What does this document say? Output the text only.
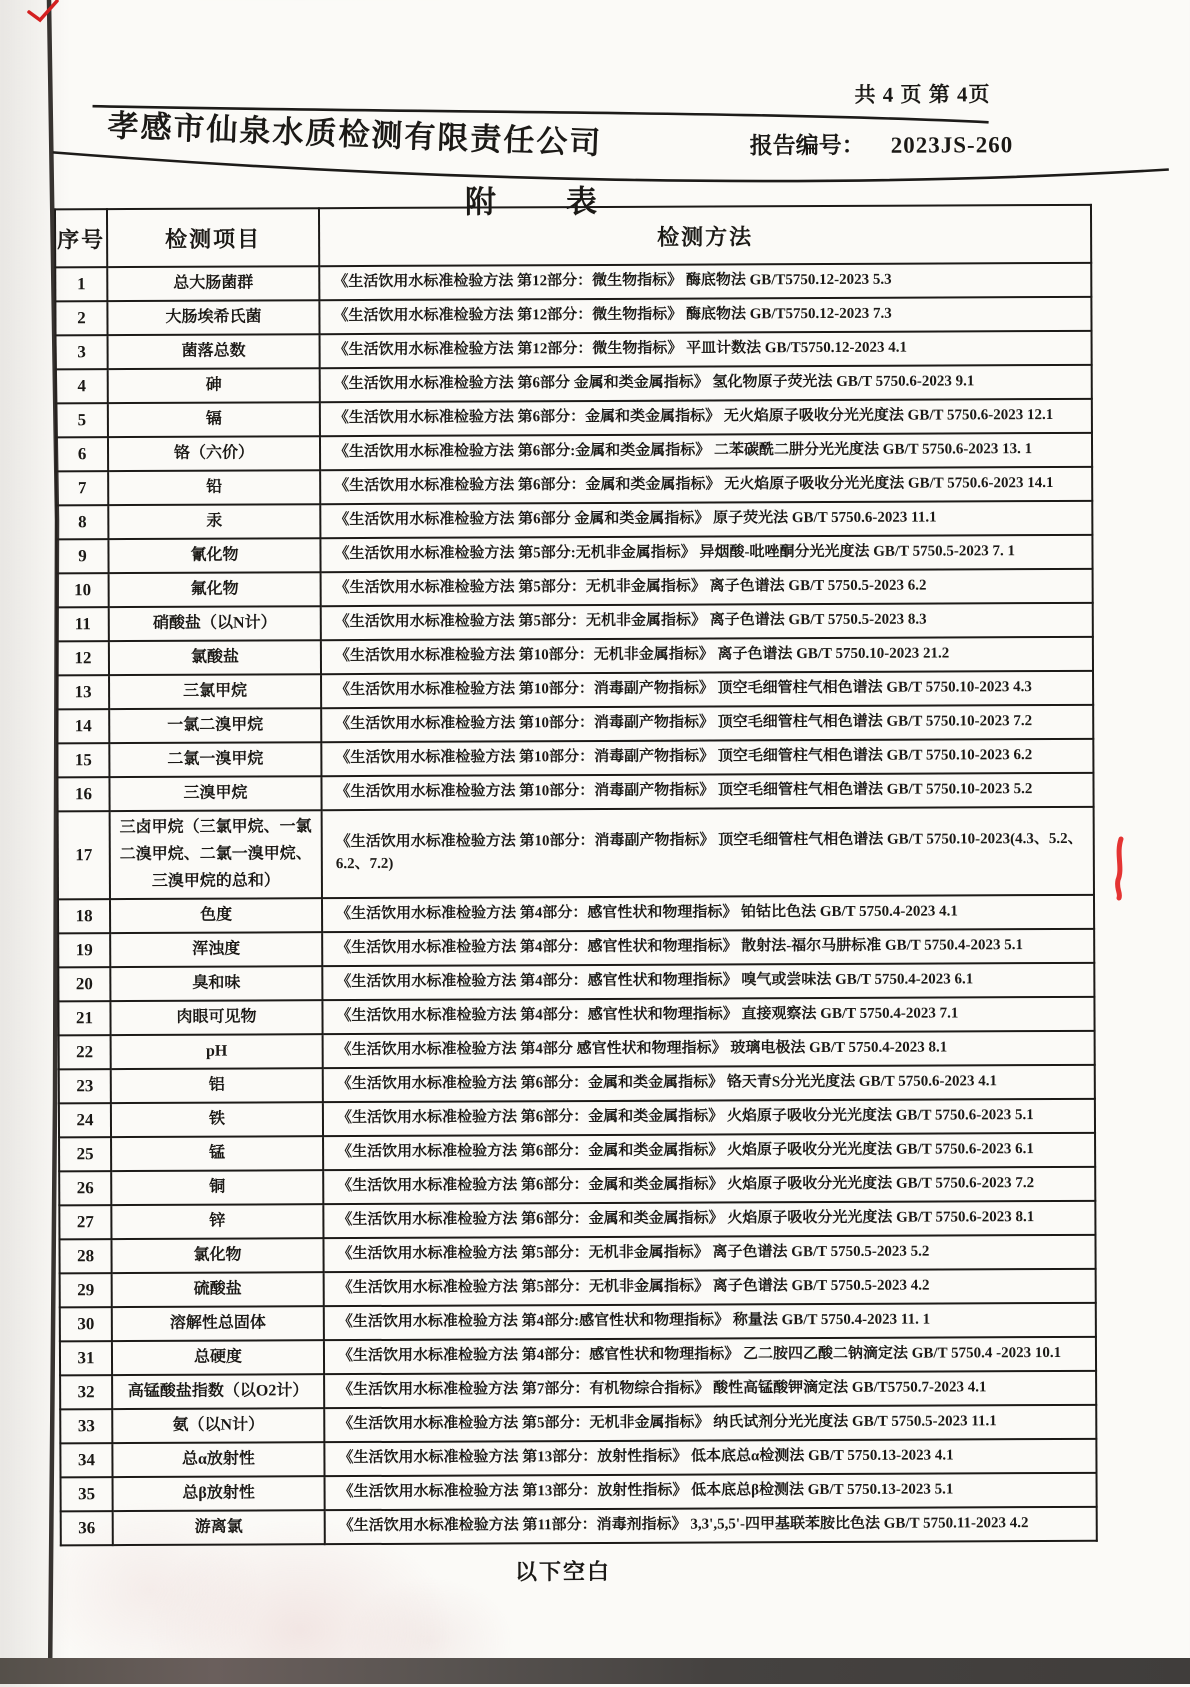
共 4 页 第 4页
孝感市仙泉水质检测有限责任公司	报告编号： 2023JS-260
附 表
序号	检测项目	检测方法
1	总大肠菌群	《生活饮用水标准检验方法 第12部分：微生物指标》 酶底物法 GB/T5750.12-2023 5.3
2	大肠埃希氏菌	《生活饮用水标准检验方法 第12部分：微生物指标》 酶底物法 GB/T5750.12-2023 7.3
3	菌落总数	《生活饮用水标准检验方法 第12部分：微生物指标》 平皿计数法 GB/T5750.12-2023 4.1
4	砷	《生活饮用水标准检验方法 第6部分 金属和类金属指标》 氢化物原子荧光法 GB/T 5750.6-2023 9.1
5	镉	《生活饮用水标准检验方法 第6部分：金属和类金属指标》 无火焰原子吸收分光光度法 GB/T 5750.6-2023 12.1
6	铬（六价）	《生活饮用水标准检验方法 第6部分:金属和类金属指标》 二苯碳酰二肼分光光度法 GB/T 5750.6-2023 13. 1
7	铅	《生活饮用水标准检验方法 第6部分：金属和类金属指标》 无火焰原子吸收分光光度法 GB/T 5750.6-2023 14.1
8	汞	《生活饮用水标准检验方法 第6部分 金属和类金属指标》 原子荧光法 GB/T 5750.6-2023 11.1
9	氰化物	《生活饮用水标准检验方法 第5部分:无机非金属指标》 异烟酸-吡唑酮分光光度法 GB/T 5750.5-2023 7. 1
10	氟化物	《生活饮用水标准检验方法 第5部分：无机非金属指标》 离子色谱法 GB/T 5750.5-2023 6.2
11	硝酸盐（以N计）	《生活饮用水标准检验方法 第5部分：无机非金属指标》 离子色谱法 GB/T 5750.5-2023 8.3
12	氯酸盐	《生活饮用水标准检验方法 第10部分：无机非金属指标》 离子色谱法 GB/T 5750.10-2023 21.2
13	三氯甲烷	《生活饮用水标准检验方法 第10部分：消毒副产物指标》 顶空毛细管柱气相色谱法 GB/T 5750.10-2023 4.3
14	一氯二溴甲烷	《生活饮用水标准检验方法 第10部分：消毒副产物指标》 顶空毛细管柱气相色谱法 GB/T 5750.10-2023 7.2
15	二氯一溴甲烷	《生活饮用水标准检验方法 第10部分：消毒副产物指标》 顶空毛细管柱气相色谱法 GB/T 5750.10-2023 6.2
16	三溴甲烷	《生活饮用水标准检验方法 第10部分：消毒副产物指标》 顶空毛细管柱气相色谱法 GB/T 5750.10-2023 5.2
17	三卤甲烷（三氯甲烷、一氯二溴甲烷、二氯一溴甲烷、三溴甲烷的总和）	《生活饮用水标准检验方法 第10部分：消毒副产物指标》 顶空毛细管柱气相色谱法 GB/T 5750.10-2023(4.3、5.2、6.2、7.2)
18	色度	《生活饮用水标准检验方法 第4部分：感官性状和物理指标》 铂钴比色法 GB/T 5750.4-2023 4.1
19	浑浊度	《生活饮用水标准检验方法 第4部分：感官性状和物理指标》 散射法-福尔马肼标准 GB/T 5750.4-2023 5.1
20	臭和味	《生活饮用水标准检验方法 第4部分：感官性状和物理指标》 嗅气或尝味法 GB/T 5750.4-2023 6.1
21	肉眼可见物	《生活饮用水标准检验方法 第4部分：感官性状和物理指标》 直接观察法 GB/T 5750.4-2023 7.1
22	pH	《生活饮用水标准检验方法 第4部分 感官性状和物理指标》 玻璃电极法 GB/T 5750.4-2023 8.1
23	铝	《生活饮用水标准检验方法 第6部分：金属和类金属指标》 铬天青S分光光度法 GB/T 5750.6-2023 4.1
24	铁	《生活饮用水标准检验方法 第6部分：金属和类金属指标》 火焰原子吸收分光光度法 GB/T 5750.6-2023 5.1
25	锰	《生活饮用水标准检验方法 第6部分：金属和类金属指标》 火焰原子吸收分光光度法 GB/T 5750.6-2023 6.1
26	铜	《生活饮用水标准检验方法 第6部分：金属和类金属指标》 火焰原子吸收分光光度法 GB/T 5750.6-2023 7.2
27	锌	《生活饮用水标准检验方法 第6部分：金属和类金属指标》 火焰原子吸收分光光度法 GB/T 5750.6-2023 8.1
28	氯化物	《生活饮用水标准检验方法 第5部分：无机非金属指标》 离子色谱法 GB/T 5750.5-2023 5.2
29	硫酸盐	《生活饮用水标准检验方法 第5部分：无机非金属指标》 离子色谱法 GB/T 5750.5-2023 4.2
30	溶解性总固体	《生活饮用水标准检验方法 第4部分:感官性状和物理指标》 称量法 GB/T 5750.4-2023 11. 1
31	总硬度	《生活饮用水标准检验方法 第4部分：感官性状和物理指标》 乙二胺四乙酸二钠滴定法 GB/T 5750.4 -2023 10.1
32	高锰酸盐指数（以O2计）	《生活饮用水标准检验方法 第7部分：有机物综合指标》 酸性高锰酸钾滴定法 GB/T5750.7-2023 4.1
33	氨（以N计）	《生活饮用水标准检验方法 第5部分：无机非金属指标》 纳氏试剂分光光度法 GB/T 5750.5-2023 11.1
34	总α放射性	《生活饮用水标准检验方法 第13部分：放射性指标》 低本底总α检测法 GB/T 5750.13-2023 4.1
35	总β放射性	《生活饮用水标准检验方法 第13部分：放射性指标》 低本底总β检测法 GB/T 5750.13-2023 5.1
36	游离氯	《生活饮用水标准检验方法 第11部分：消毒剂指标》 3,3',5,5'-四甲基联苯胺比色法 GB/T 5750.11-2023 4.2
以下空白
